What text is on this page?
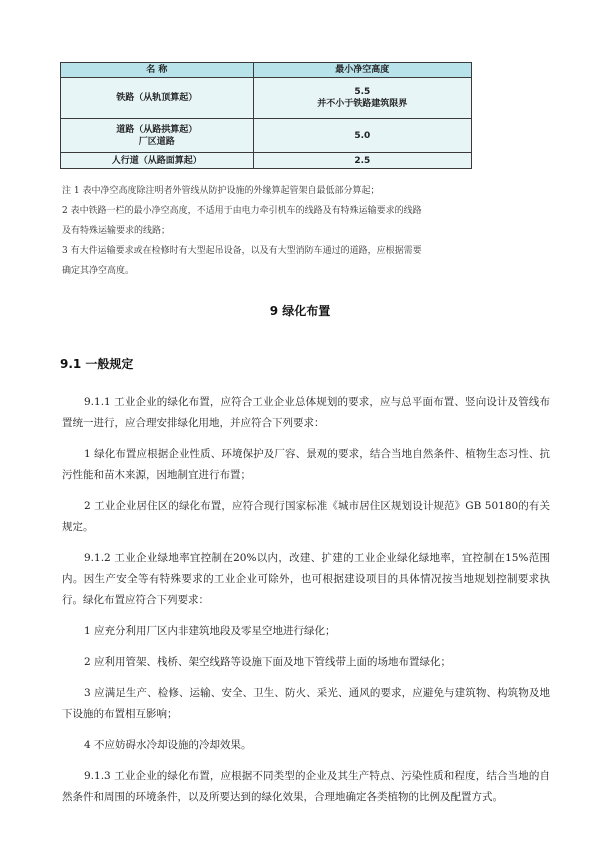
名 称	最小净空高度

铁路（从轨顶算起）	5.5
并不小于铁路建筑限界

道路（从路拱算起）
厂区道路	5.0

人行道（从路面算起）	2.5

注 1 表中净空高度除注明者外管线从防护设施的外缘算起管架自最低部分算起；

2 表中铁路一栏的最小净空高度，不适用于由电力牵引机车的线路及有特殊运输要求的线路

及有特殊运输要求的线路；

3 有大件运输要求或在检修时有大型起吊设备，以及有大型消防车通过的道路，应根据需要

确定其净空高度。

9 绿化布置
9.1 一般规定

9.1.1 工业企业的绿化布置，应符合工业企业总体规划的要求，应与总平面布置、竖向设计及管线布置统一进行，应合理安排绿化用地，并应符合下列要求：

1 绿化布置应根据企业性质、环境保护及厂容、景观的要求，结合当地自然条件、植物生态习性、抗污性能和苗木来源，因地制宜进行布置；

2 工业企业居住区的绿化布置，应符合现行国家标准《城市居住区规划设计规范》GB 50180的有关规定。

9.1.2 工业企业绿地率宜控制在20%以内，改建、扩建的工业企业绿化绿地率，宜控制在15%范围内。因生产安全等有特殊要求的工业企业可除外，也可根据建设项目的具体情况按当地规划控制要求执行。绿化布置应符合下列要求：

1 应充分利用厂区内非建筑地段及零星空地进行绿化；

2 应利用管架、栈桥、架空线路等设施下面及地下管线带上面的场地布置绿化；

3 应满足生产、检修、运输、安全、卫生、防火、采光、通风的要求，应避免与建筑物、构筑物及地下设施的布置相互影响；

4 不应妨碍水冷却设施的冷却效果。

9.1.3 工业企业的绿化布置，应根据不同类型的企业及其生产特点、污染性质和程度，结合当地的自然条件和周围的环境条件，以及所要达到的绿化效果，合理地确定各类植物的比例及配置方式。
